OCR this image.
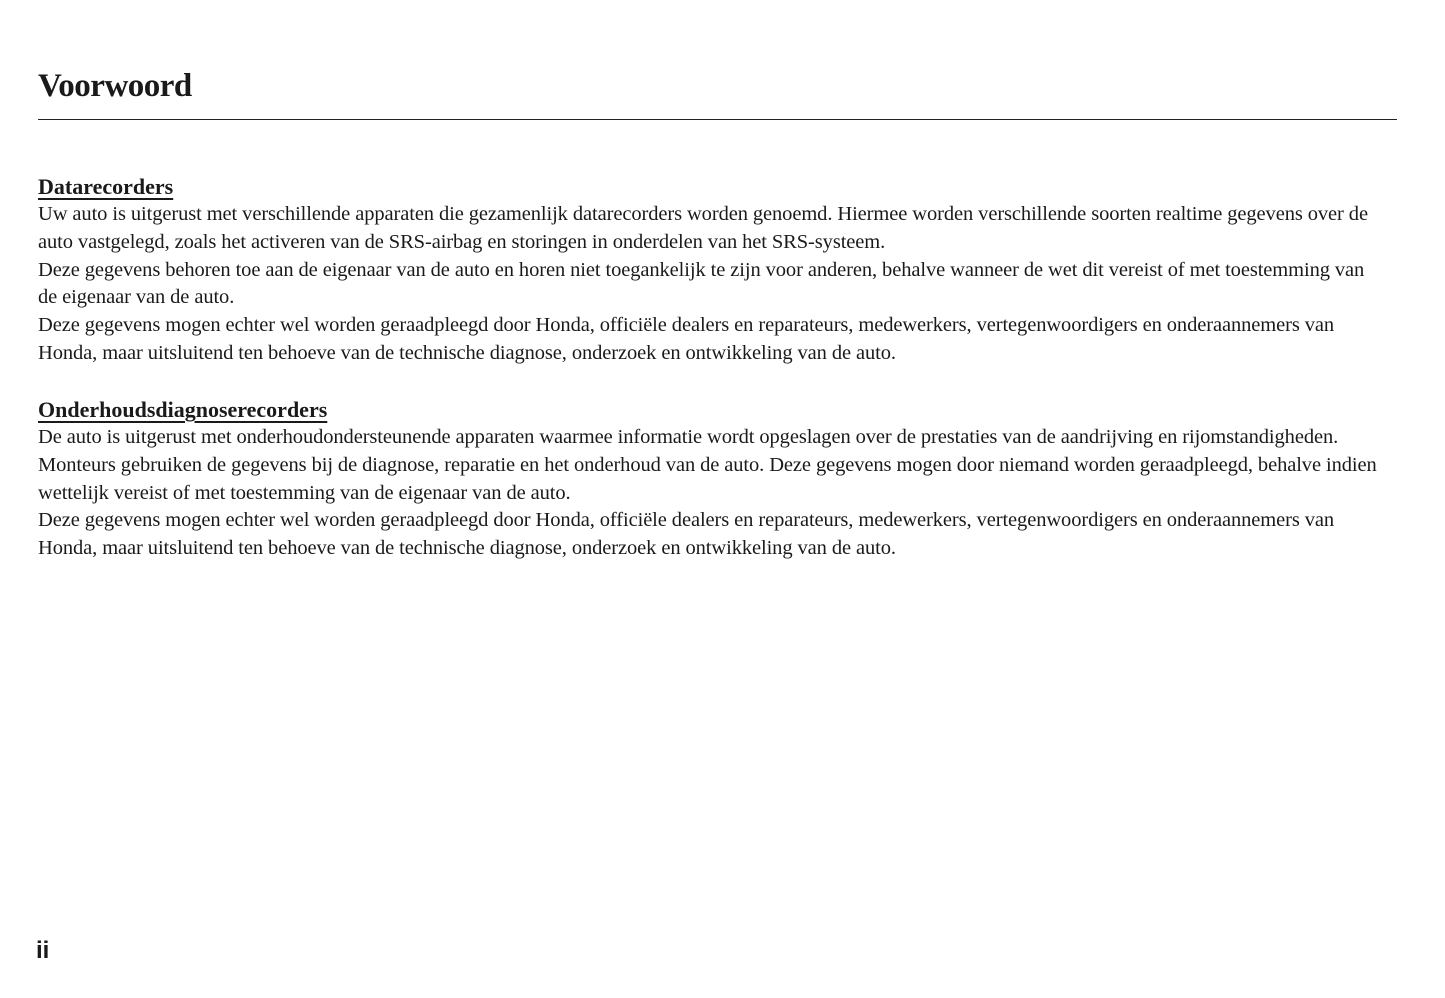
Voorwoord
Datarecorders

Uw auto is uitgerust met verschillende apparaten die gezamenlijk datarecorders worden genoemd. Hiermee worden verschillende soorten realtime gegevens over de auto vastgelegd, zoals het activeren van de SRS-airbag en storingen in onderdelen van het SRS-systeem.

Deze gegevens behoren toe aan de eigenaar van de auto en horen niet toegankelijk te zijn voor anderen, behalve wanneer de wet dit vereist of met toestemming van de eigenaar van de auto.

Deze gegevens mogen echter wel worden geraadpleegd door Honda, officiële dealers en reparateurs, medewerkers, vertegenwoordigers en onderaannemers van Honda, maar uitsluitend ten behoeve van de technische diagnose, onderzoek en ontwikkeling van de auto.

Onderhoudsdiagnoserecorders

De auto is uitgerust met onderhoudondersteunende apparaten waarmee informatie wordt opgeslagen over de prestaties van de aandrijving en rijomstandigheden. Monteurs gebruiken de gegevens bij de diagnose, reparatie en het onderhoud van de auto. Deze gegevens mogen door niemand worden geraadpleegd, behalve indien wettelijk vereist of met toestemming van de eigenaar van de auto.

Deze gegevens mogen echter wel worden geraadpleegd door Honda, officiële dealers en reparateurs, medewerkers, vertegenwoordigers en onderaannemers van Honda, maar uitsluitend ten behoeve van de technische diagnose, onderzoek en ontwikkeling van de auto.

ii
